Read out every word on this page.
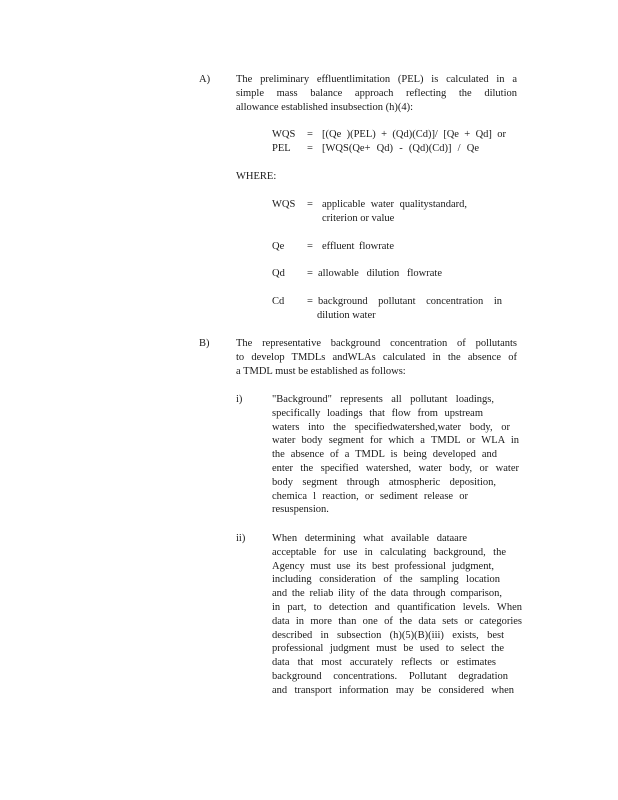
A) The preliminary effluentlimitation (PEL) is calculated in a
simple mass balance approach reflecting the dilution
allowance established insubsection (h)(4):
WQS = [(Qe )(PEL) + (Qd)(Cd)]/ [Qe + Qd] or
PEL = [WQS(Qe+ Qd) - (Qd)(Cd)] / Qe
WHERE:
WQS = applicable water qualitystandard,
criterion or value
Qe = effluent flowrate
Qd = allowable dilution flowrate
Cd = background pollutant concentration in
dilution water
B)	The representative background concentration of pollutants
to develop TMDLs andWLAs calculated in the absence of
a TMDL must be established as follows:
i)	"Background" represents all pollutant loadings,
specifically loadings that flow from upstream
waters into the specifiedwatershed,water body, or
water body segment for which a TMDL or WLA in
the absence of a TMDL is being developed and
enter the specified watershed, water body, or water
body segment through atmospheric deposition,
chemica l reaction, or sediment release or
resuspension.
ii)	When determining what available dataare
acceptable for use in calculating background, the
Agency must use its best professional judgment,
including consideration of the sampling location
and the reliab ility of the data through comparison,
in part, to detection and quantification levels. When
data in more than one of the data sets or categories
described in subsection (h)(5)(B)(iii) exists, best
professional judgment must be used to select the
data that most accurately reflects or estimates
background concentrations. Pollutant degradation
and transport information may be considered when
